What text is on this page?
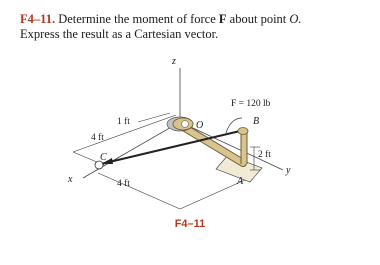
F4–11. Determine the moment of force F about point O.
Express the result as a Cartesian vector.
z
x
y
O	B
A
C
F = 120 lb
1 ft
4 ft
4 ft
2 ft
F4–11
